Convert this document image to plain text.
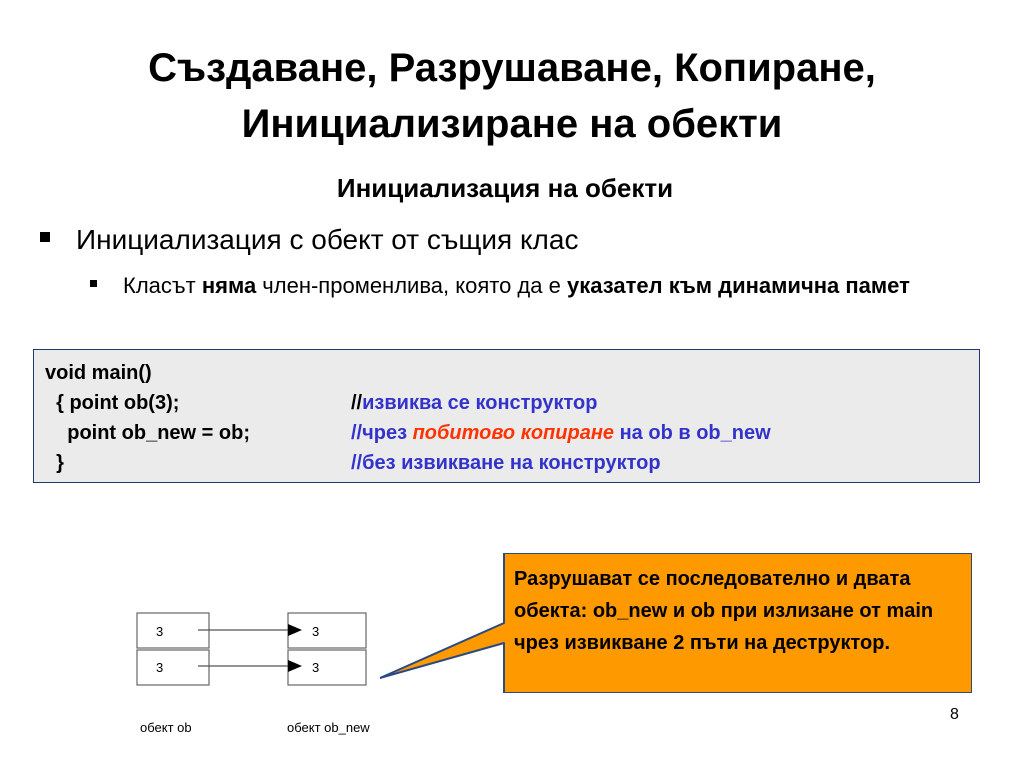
Създаване, Разрушаване, Копиране,
Инициализиране на обекти
Инициализация на обекти
Инициализация с обект от същия клас
Класът няма член-променлива, която да е указател към динамична памет
void main()
{ point ob(3);	//извиква се конструктор
point ob_new = ob;	//чрез побитово копиране на ob в ob_new
}	//без извикване на конструктор
Разрушават се последователно и двата обекта: ob_new и ob при излизане от main чрез извикване 2 пъти на деструктор.
3
3
3
3
обект ob	обект ob_new
8
